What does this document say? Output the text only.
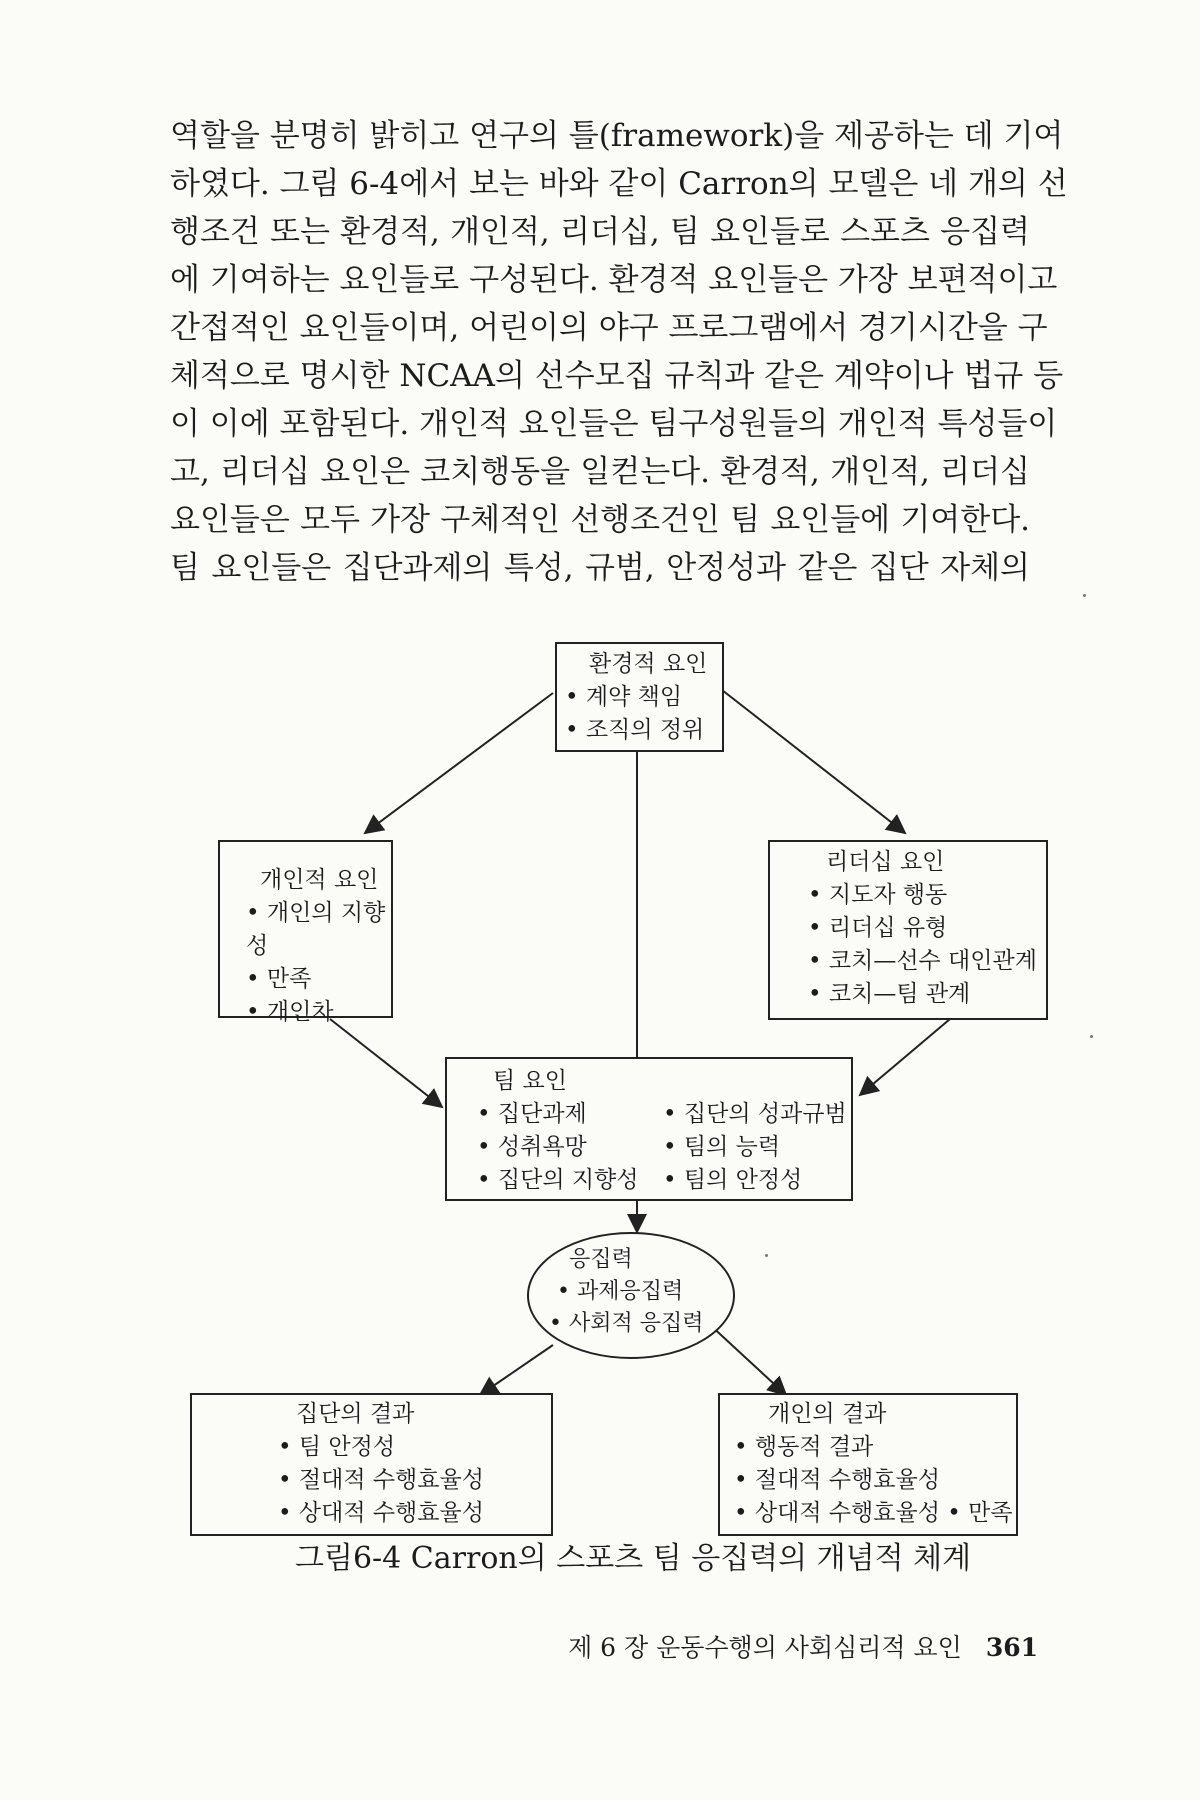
역할을 분명히 밝히고 연구의 틀(framework)을 제공하는 데 기여
하였다. 그림 6-4에서 보는 바와 같이 Carron의 모델은 네 개의 선
행조건 또는 환경적, 개인적, 리더십, 팀 요인들로 스포츠 응집력
에 기여하는 요인들로 구성된다. 환경적 요인들은 가장 보편적이고
간접적인 요인들이며, 어린이의 야구 프로그램에서 경기시간을 구
체적으로 명시한 NCAA의 선수모집 규칙과 같은 계약이나 법규 등
이 이에 포함된다. 개인적 요인들은 팀구성원들의 개인적 특성들이
고, 리더십 요인은 코치행동을 일컫는다. 환경적, 개인적, 리더십
요인들은 모두 가장 구체적인 선행조건인 팀 요인들에 기여한다.
팀 요인들은 집단과제의 특성, 규범, 안정성과 같은 집단 자체의
환경적 요인
• 계약 책임
• 조직의 정위
개인적 요인
• 개인의 지향성
• 만족
• 개인차
리더십 요인
• 지도자 행동
• 리더십 유형
• 코치—선수 대인관계
• 코치—팀 관계
팀 요인
• 집단과제
• 성취욕망
• 집단의 지향성
• 집단의 성과규범
• 팀의 능력
• 팀의 안정성
응집력
• 과제응집력
• 사회적 응집력
집단의 결과
• 팀 안정성
• 절대적 수행효율성
• 상대적 수행효율성
개인의 결과
• 행동적 결과
• 절대적 수행효율성
• 상대적 수행효율성 • 만족
그림6-4 Carron의 스포츠 팀 응집력의 개념적 체계
제 6 장 운동수행의 사회심리적 요인 361
